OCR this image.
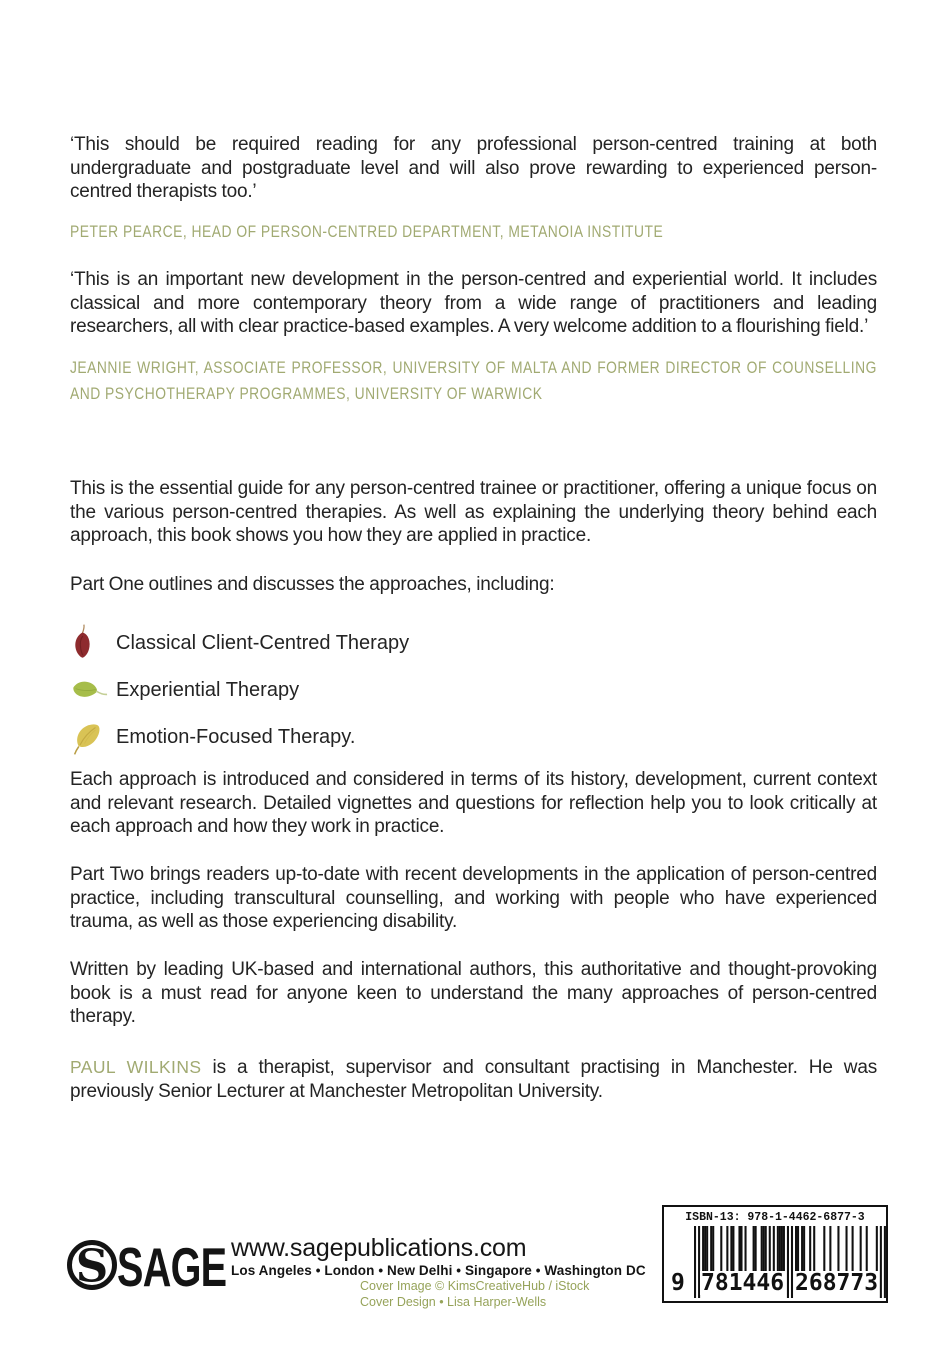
‘This should be required reading for any professional person-centred training at both undergraduate and postgraduate level and will also prove rewarding to experienced person-centred therapists too.’
PETER PEARCE, HEAD OF PERSON-CENTRED DEPARTMENT, METANOIA INSTITUTE
‘This is an important new development in the person-centred and experiential world. It includes classical and more contemporary theory from a wide range of practitioners and leading researchers, all with clear practice-based examples. A very welcome addition to a flourishing field.’
JEANNIE WRIGHT, ASSOCIATE PROFESSOR, UNIVERSITY OF MALTA AND FORMER DIRECTOR OF COUNSELLING AND PSYCHOTHERAPY PROGRAMMES, UNIVERSITY OF WARWICK
This is the essential guide for any person-centred trainee or practitioner, offering a unique focus on the various person-centred therapies. As well as explaining the underlying theory behind each approach, this book shows you how they are applied in practice.
Part One outlines and discusses the approaches, including:
Classical Client-Centred Therapy
Experiential Therapy
Emotion-Focused Therapy.
Each approach is introduced and considered in terms of its history, development, current context and relevant research. Detailed vignettes and questions for reflection help you to look critically at each approach and how they work in practice.
Part Two brings readers up-to-date with recent developments in the application of person-centred practice, including transcultural counselling, and working with people who have experienced trauma, as well as those experiencing disability.
Written by leading UK-based and international authors, this authoritative and thought-provoking book is a must read for anyone keen to understand the many approaches of person-centred therapy.
PAUL WILKINS is a therapist, supervisor and consultant practising in Manchester. He was previously Senior Lecturer at Manchester Metropolitan University.
S SAGE www.sagepublications.com
Los Angeles • London • New Delhi • Singapore • Washington DC
Cover Image © KimsCreativeHub / iStock
Cover Design • Lisa Harper-Wells
ISBN-13: 978-1-4462-6877-3
9 781446 268773
